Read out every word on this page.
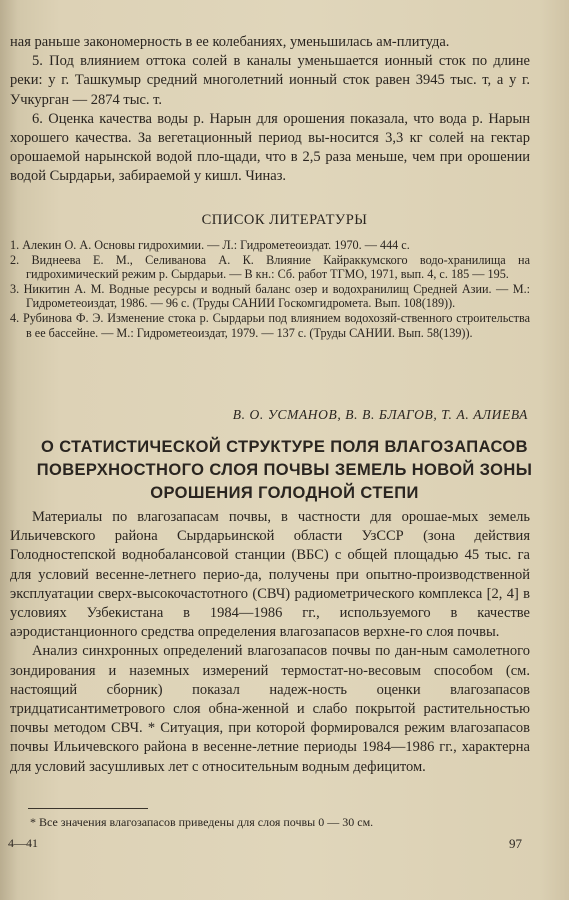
ная раньше закономерность в ее колебаниях, уменьшилась ам-плитуда.

5. Под влиянием оттока солей в каналы уменьшается ионный сток по длине реки: у г. Ташкумыр средний многолетний ионный сток равен 3945 тыс. т, а у г. Учкурган — 2874 тыс. т.

6. Оценка качества воды р. Нарын для орошения показала, что вода р. Нарын хорошего качества. За вегетационный период вы-носится 3,3 кг солей на гектар орошаемой нарынской водой пло-щади, что в 2,5 раза меньше, чем при орошении водой Сырдарьи, забираемой у кишл. Чиназ.

СПИСОК ЛИТЕРАТУРЫ

1. Алекин О. А. Основы гидрохимии. — Л.: Гидрометеоиздат. 1970. — 444 с.

2. Виднеева Е. М., Селиванова А. К. Влияние Кайраккумского водо-хранилища на гидрохимический режим р. Сырдарьи. — В кн.: Сб. работ ТГМО, 1971, вып. 4, с. 185 — 195.

3. Никитин А. М. Водные ресурсы и водный баланс озер и водохранилищ Средней Азии. — М.: Гидрометеоиздат, 1986. — 96 с. (Труды САНИИ Госкомгидромета. Вып. 108(189)).

4. Рубинова Ф. Э. Изменение стока р. Сырдарьи под влиянием водохозяй-ственного строительства в ее бассейне. — М.: Гидрометеоиздат, 1979. — 137 с. (Труды САНИИ. Вып. 58(139)).

В. О. УСМАНОВ, В. В. БЛАГОВ, Т. А. АЛИЕВА
О СТАТИСТИЧЕСКОЙ СТРУКТУРЕ ПОЛЯ ВЛАГОЗАПАСОВ
ПОВЕРХНОСТНОГО СЛОЯ ПОЧВЫ ЗЕМЕЛЬ НОВОЙ ЗОНЫ
ОРОШЕНИЯ ГОЛОДНОЙ СТЕПИ

Материалы по влагозапасам почвы, в частности для орошае-мых земель Ильичевского района Сырдарьинской области УзССР (зона действия Голодностепской воднобалансовой станции (ВБС) с общей площадью 45 тыс. га для условий весенне-летнего перио-да, получены при опытно-производственной эксплуатации сверх-высокочастотного (СВЧ) радиометрического комплекса [2, 4] в условиях Узбекистана в 1984—1986 гг., используемого в качестве аэродистанционного средства определения влагозапасов верхне-го слоя почвы.

Анализ синхронных определений влагозапасов почвы по дан-ным самолетного зондирования и наземных измерений термостат-но-весовым способом (см. настоящий сборник) показал надеж-ность оценки влагозапасов тридцатисантиметрового слоя обна-женной и слабо покрытой растительностью почвы методом СВЧ. * Ситуация, при которой формировался режим влагозапасов почвы Ильичевского района в весенне-летние периоды 1984—1986 гг., характерна для условий засушливых лет с относительным водным дефицитом.

* Все значения влагозапасов приведены для слоя почвы 0 — 30 см.
4—41	97
